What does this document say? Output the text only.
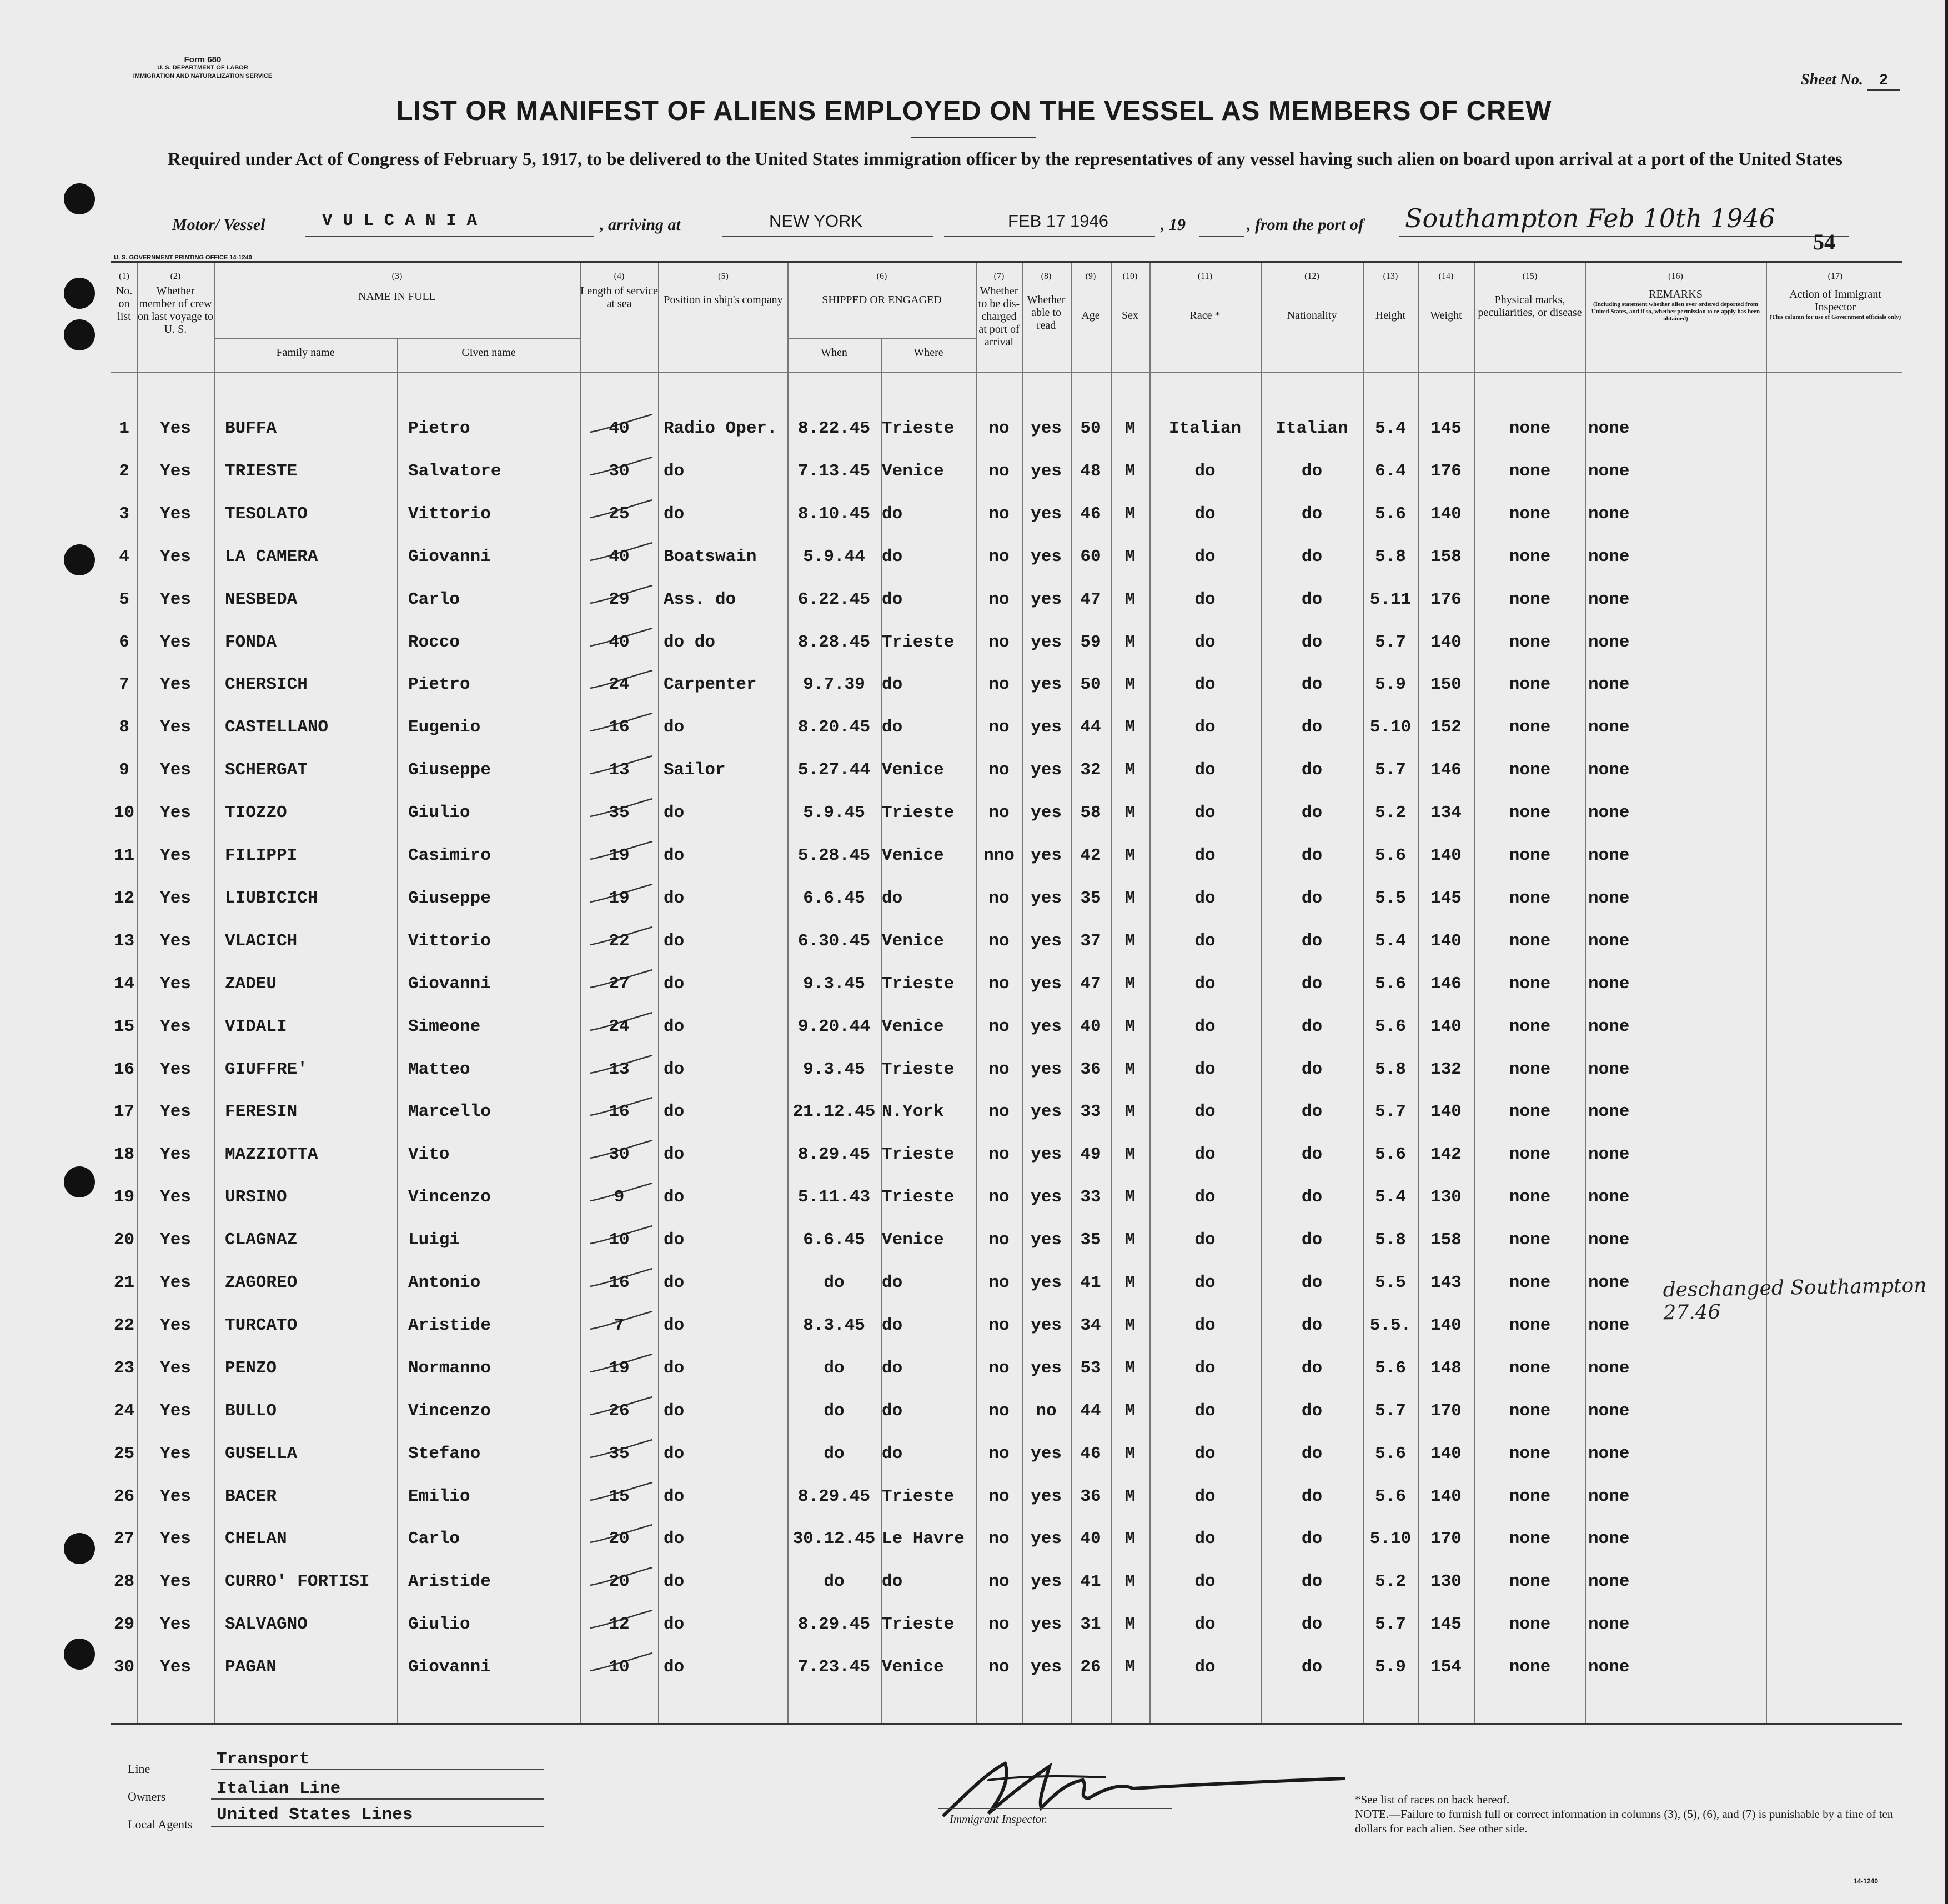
Form 680
U. S. DEPARTMENT OF LABOR
IMMIGRATION AND NATURALIZATION SERVICE	Sheet No. 2
LIST OR MANIFEST OF ALIENS EMPLOYED ON THE VESSEL AS MEMBERS OF CREW
Required under Act of Congress of February 5, 1917, to be delivered to the United States immigration officer by the representatives of any vessel having such alien on board upon arrival at a port of the United States
Motor/ Vessel	V U L C A N I A	, arriving at	NEW YORK	FEB 17 1946	, 19	, from the port of Southampton Feb 10th 1946
54
U. S. GOVERNMENT PRINTING OFFICE 14-1240
(1)
No. on list
(2)
Whether member of crew on last voyage to U. S.
(3)
NAME IN FULL
Family name	Given name
(4)
Length of service at sea
(5)
Position in ship's company
(6)
SHIPPED OR ENGAGED
When	Where
(7)
Whether to be dis-charged at port of arrival
(8)
Whether able to read
(9)
Age
(10)
Sex
(11)
Race *
(12)
Nationality
(13)
Height
(14)
Weight
(15)
Physical marks, peculiarities, or disease
(16)
REMARKS
(Including statement whether alien ever ordered deported from United States, and if so, whether permission to re-apply has been obtained)
(17)
Action of Immigrant Inspector
(This column for use of Government officials only)
1	Yes	BUFFA	Pietro	40	Radio Oper.	8.22.45 Trieste	no	yes	50	M	Italian	Italian	5.4	145	none	none
2	Yes	TRIESTE	Salvatore	30	do	7.13.45 Venice	no	yes	48	M	do	do	6.4	176	none	none
3	Yes	TESOLATO	Vittorio	25	do	8.10.45 do	no	yes	46	M	do	do	5.6	140	none	none
4	Yes	LA CAMERA	Giovanni	40	Boatswain	5.9.44 do	no	yes	60	M	do	do	5.8	158	none	none
5	Yes	NESBEDA	Carlo	29	Ass. do	6.22.45 do	no	yes	47	M	do	do	5.11	176	none	none
6	Yes	FONDA	Rocco	40	do do	8.28.45 Trieste	no	yes	59	M	do	do	5.7	140	none	none
7	Yes	CHERSICH	Pietro	24	Carpenter	9.7.39 do	no	yes	50	M	do	do	5.9	150	none	none
8	Yes	CASTELLANO	Eugenio	16	do	8.20.45 do	no	yes	44	M	do	do	5.10	152	none	none
9	Yes	SCHERGAT	Giuseppe	13	Sailor	5.27.44 Venice	no	yes	32	M	do	do	5.7	146	none	none
10	Yes	TIOZZO	Giulio	35	do	5.9.45 Trieste	no	yes	58	M	do	do	5.2	134	none	none
11	Yes	FILIPPI	Casimiro	19	do	5.28.45 Venice	nno yes	42	M	do	do	5.6	140	none	none
12	Yes	LIUBICICH	Giuseppe	19	do	6.6.45 do	no	yes	35	M	do	do	5.5	145	none	none
13	Yes	VLACICH	Vittorio	22	do	6.30.45 Venice	no	yes	37	M	do	do	5.4	140	none	none
14	Yes	ZADEU	Giovanni	27	do	9.3.45 Trieste	no	yes	47	M	do	do	5.6	146	none	none
15	Yes	VIDALI	Simeone	24	do	9.20.44 Venice	no	yes	40	M	do	do	5.6	140	none	none
16	Yes	GIUFFRE'	Matteo	13	do	9.3.45 Trieste	no	yes	36	M	do	do	5.8	132	none	none
17	Yes	FERESIN	Marcello	16	do	21.12.45 N.York	no	yes	33	M	do	do	5.7	140	none	none
18	Yes	MAZZIOTTA	Vito	30	do	8.29.45 Trieste	no	yes	49	M	do	do	5.6	142	none	none
19	Yes	URSINO	Vincenzo	9	do	5.11.43 Trieste	no	yes	33	M	do	do	5.4	130	none	none
20	Yes	CLAGNAZ	Luigi	10	do	6.6.45 Venice	no	yes	35	M	do	do	5.8	158	none	none
21	Yes	ZAGOREO	Antonio	16	do	do	do	no	yes	41	M	do	do	5.5	143	none	none
22	Yes	TURCATO	Aristide	7	do	8.3.45 do	no	yes	34	M	do	do	5.5.	140	none	none
23	Yes	PENZO	Normanno	19	do	do	do	no	yes	53	M	do	do	5.6	148	none	none
24	Yes	BULLO	Vincenzo	26	do	do	do	no	no	44	M	do	do	5.7	170	none	none
25	Yes	GUSELLA	Stefano	35	do	do	do	no	yes	46	M	do	do	5.6	140	none	none
26	Yes	BACER	Emilio	15	do	8.29.45 Trieste	no	yes	36	M	do	do	5.6	140	none	none
27	Yes	CHELAN	Carlo	20	do	30.12.45 Le Havre	no	yes	40	M	do	do	5.10	170	none	none
28	Yes	CURRO' FORTISI	Aristide	20	do	do	do	no	yes	41	M	do	do	5.2	130	none	none
29	Yes	SALVAGNO	Giulio	12	do	8.29.45 Trieste	no	yes	31	M	do	do	5.7	145	none	none
30	Yes	PAGAN	Giovanni	10	do	7.23.45 Venice	no	yes	26	M	do	do	5.9	154	none	none
deschanged Southampton 27.46
Line	Transport
Owners	Italian Line
Local Agents United States Lines	Immigrant Inspector.
*See list of races on back hereof.
NOTE.—Failure to furnish full or correct information in columns (3), (5), (6), and (7) is punishable by a fine of ten dollars for each alien. See other side.
14-1240
